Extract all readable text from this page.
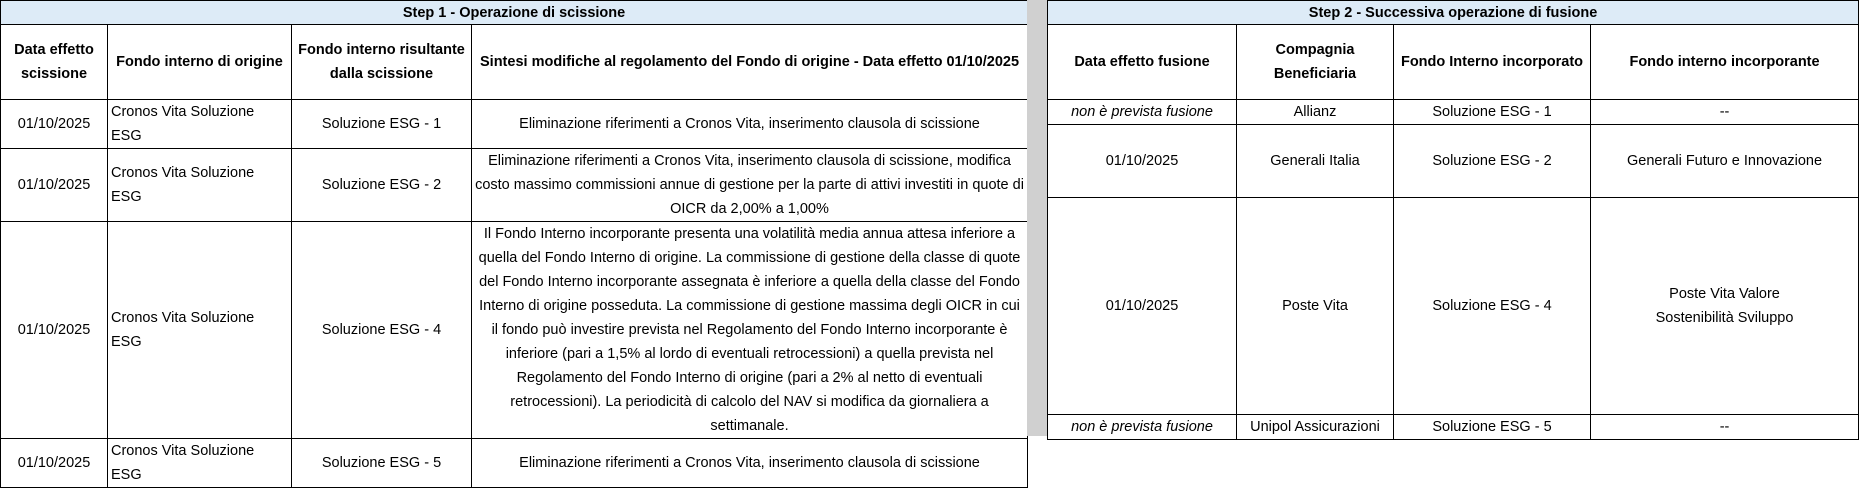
Step 1 - Operazione di scissione			
Data effetto scissione	Fondo interno di origine	Fondo interno risultante dalla scissione	Sintesi modifiche al regolamento del Fondo di origine - Data effetto 01/10/2025
01/10/2025	Cronos Vita Soluzione ESG	Soluzione ESG - 1	Eliminazione riferimenti a Cronos Vita, inserimento clausola di scissione
01/10/2025	Cronos Vita Soluzione ESG	Soluzione ESG - 2	Eliminazione riferimenti a Cronos Vita, inserimento clausola di scissione, modifica costo massimo commissioni annue di gestione per la parte di attivi investiti in quote di OICR da 2,00% a 1,00%
01/10/2025	Cronos Vita Soluzione ESG	Soluzione ESG - 4	Il Fondo Interno incorporante presenta una volatilità media annua attesa inferiore a quella del Fondo Interno di origine. La commissione di gestione della classe di quote del Fondo Interno incorporante assegnata è inferiore a quella della classe del Fondo Interno di origine posseduta. La commissione di gestione massima degli OICR in cui il fondo può investire prevista nel Regolamento del Fondo Interno incorporante è inferiore (pari a 1,5% al lordo di eventuali retrocessioni) a quella prevista nel Regolamento del Fondo Interno di origine (pari a 2% al netto di eventuali retrocessioni). La periodicità di calcolo del NAV si modifica da giornaliera a settimanale.
01/10/2025	Cronos Vita Soluzione ESG	Soluzione ESG - 5	Eliminazione riferimenti a Cronos Vita, inserimento clausola di scissione
Step 2 - Successiva operazione di fusione			
Data effetto fusione	Compagnia Beneficiaria	Fondo Interno incorporato	Fondo interno incorporante
non è prevista fusione	Allianz	Soluzione ESG - 1	--
01/10/2025	Generali Italia	Soluzione ESG - 2	Generali Futuro e Innovazione
01/10/2025	Poste Vita	Soluzione ESG - 4	Poste Vita Valore Sostenibilità Sviluppo
non è prevista fusione	Unipol Assicurazioni	Soluzione ESG - 5	--
